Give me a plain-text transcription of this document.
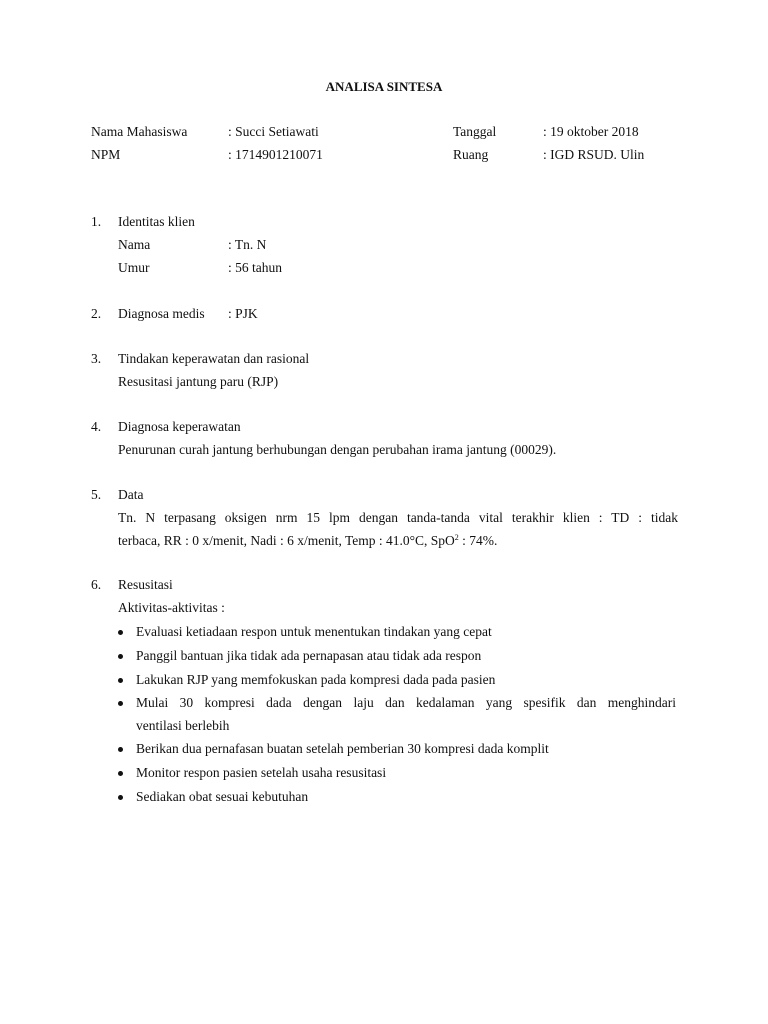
ANALISA SINTESA
Nama Mahasiswa	: Succi Setiawati	Tanggal	: 19 oktober 2018
NPM	: 1714901210071	Ruang	: IGD RSUD. Ulin
1. Identitas klien
Nama	: Tn. N
Umur	: 56 tahun
2. Diagnosa medis : PJK
3. Tindakan keperawatan dan rasional
Resusitasi jantung paru (RJP)
4. Diagnosa keperawatan
Penurunan curah jantung berhubungan dengan perubahan irama jantung (00029).
5. Data
Tn. N terpasang oksigen nrm 15 lpm dengan tanda-tanda vital terakhir klien : TD : tidak
terbaca, RR : 0 x/menit, Nadi : 6 x/menit, Temp : 41.0°C, SpO$^2$ : 74%.
6. Resusitasi
Aktivitas-aktivitas :
Evaluasi ketiadaan respon untuk menentukan tindakan yang cepat
Panggil bantuan jika tidak ada pernapasan atau tidak ada respon
Lakukan RJP yang memfokuskan pada kompresi dada pada pasien
Mulai 30 kompresi dada dengan laju dan kedalaman yang spesifik dan menghindari
ventilasi berlebih
Berikan dua pernafasan buatan setelah pemberian 30 kompresi dada komplit
Monitor respon pasien setelah usaha resusitasi
Sediakan obat sesuai kebutuhan
